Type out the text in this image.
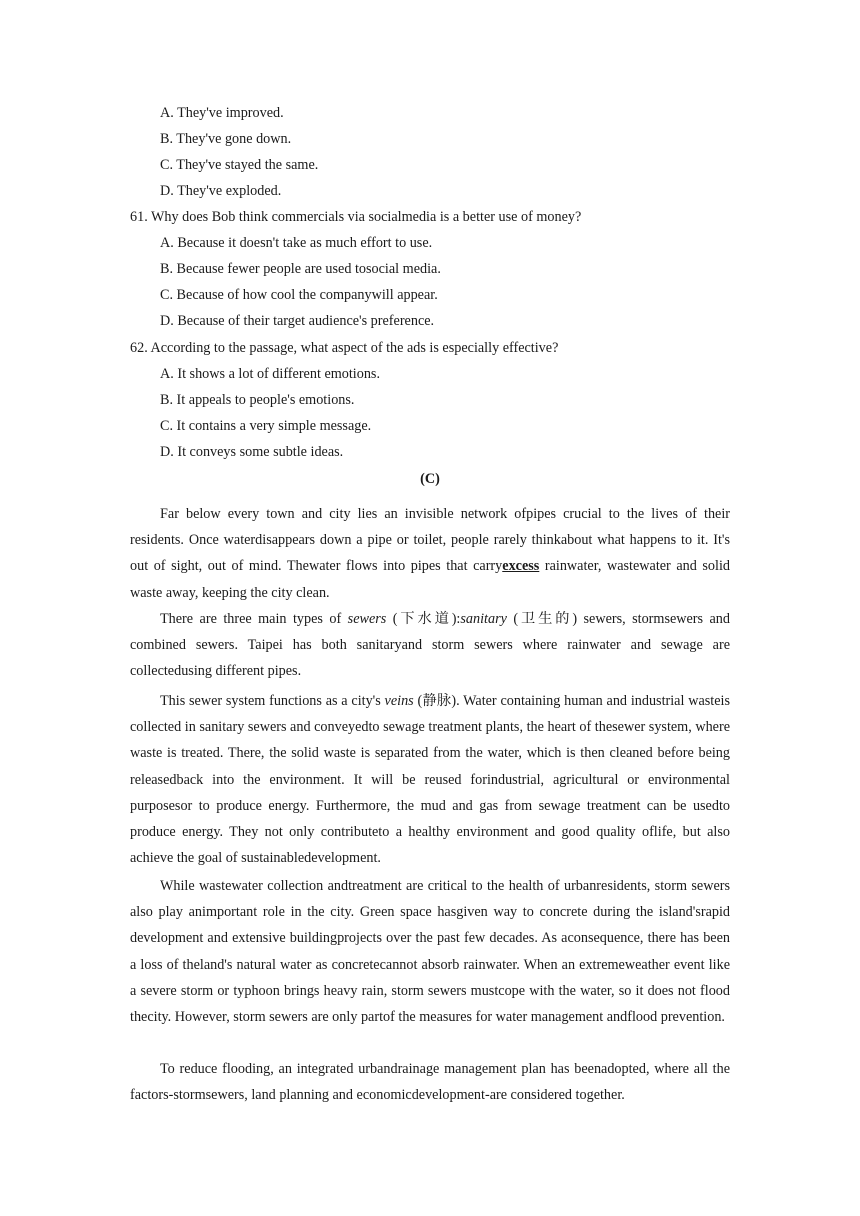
A. They've improved.
B. They've gone down.
C. They've stayed the same.
D. They've exploded.
61. Why does Bob think commercials via socialmedia is a better use of money?
A. Because it doesn't take as much effort to use.
B. Because fewer people are used tosocial media.
C. Because of how cool the companywill appear.
D. Because of their target audience's preference.
62. According to the passage, what aspect of the ads is especially effective?
A. It shows a lot of different emotions.
B. It appeals to people's emotions.
C. It contains a very simple message.
D. It conveys some subtle ideas.
(C)

Far below every town and city lies an invisible network ofpipes crucial to the lives of their residents. Once waterdisappears down a pipe or toilet, people rarely thinkabout what happens to it. It's out of sight, out of mind. Thewater flows into pipes that carryexcess rainwater, wastewater and solid waste away, keeping the city clean.

There are three main types of sewers (下水道):sanitary (卫生的) sewers, stormsewers and combined sewers. Taipei has both sanitaryand storm sewers where rainwater and sewage are collectedusing different pipes.

This sewer system functions as a city's veins (静脉). Water containing human and industrial wasteis collected in sanitary sewers and conveyedto sewage treatment plants, the heart of thesewer system, where waste is treated. There, the solid waste is separated from the water, which is then cleaned before being releasedback into the environment. It will be reused forindustrial, agricultural or environmental purposesor to produce energy. Furthermore, the mud and gas from sewage treatment can be usedto produce energy. They not only contributeto a healthy environment and good quality oflife, but also achieve the goal of sustainabledevelopment.

While wastewater collection andtreatment are critical to the health of urbanresidents, storm sewers also play animportant role in the city. Green space hasgiven way to concrete during the island'srapid development and extensive buildingprojects over the past few decades. As aconsequence, there has been a loss of theland's natural water as concretecannot absorb rainwater. When an extremeweather event like a severe storm or typhoon brings heavy rain, storm sewers mustcope with the water, so it does not flood thecity. However, storm sewers are only partof the measures for water management andflood prevention.

To reduce flooding, an integrated urbandrainage management plan has beenadopted, where all the factors-stormsewers, land planning and economicdevelopment-are considered together.
